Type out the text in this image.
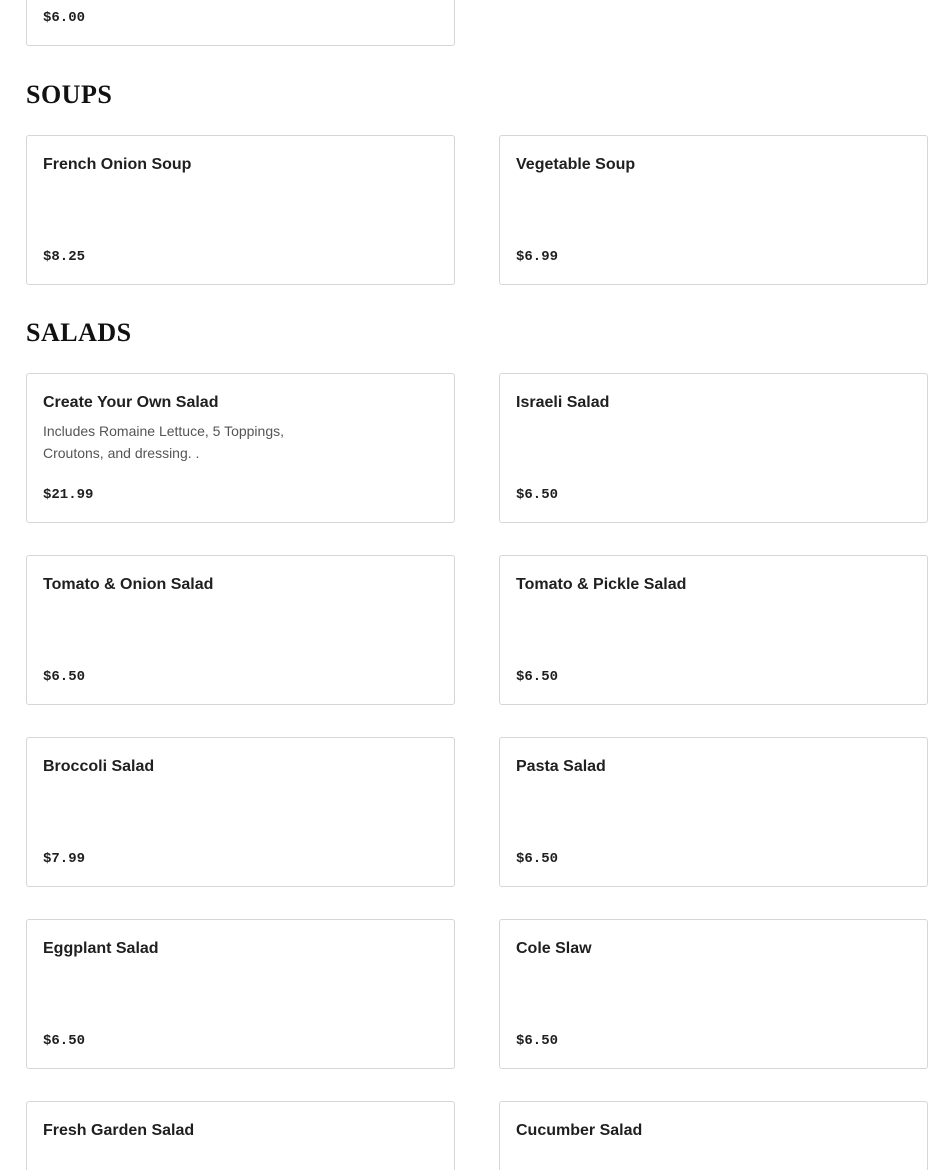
$6.00
SOUPS
French Onion Soup
$8.25
Vegetable Soup
$6.99
SALADS
Create Your Own Salad
Includes Romaine Lettuce, 5 Toppings, Croutons, and dressing. .
$21.99
Israeli Salad
$6.50
Tomato & Onion Salad
$6.50
Tomato & Pickle Salad
$6.50
Broccoli Salad
$7.99
Pasta Salad
$6.50
Eggplant Salad
$6.50
Cole Slaw
$6.50
Fresh Garden Salad	Cucumber Salad
